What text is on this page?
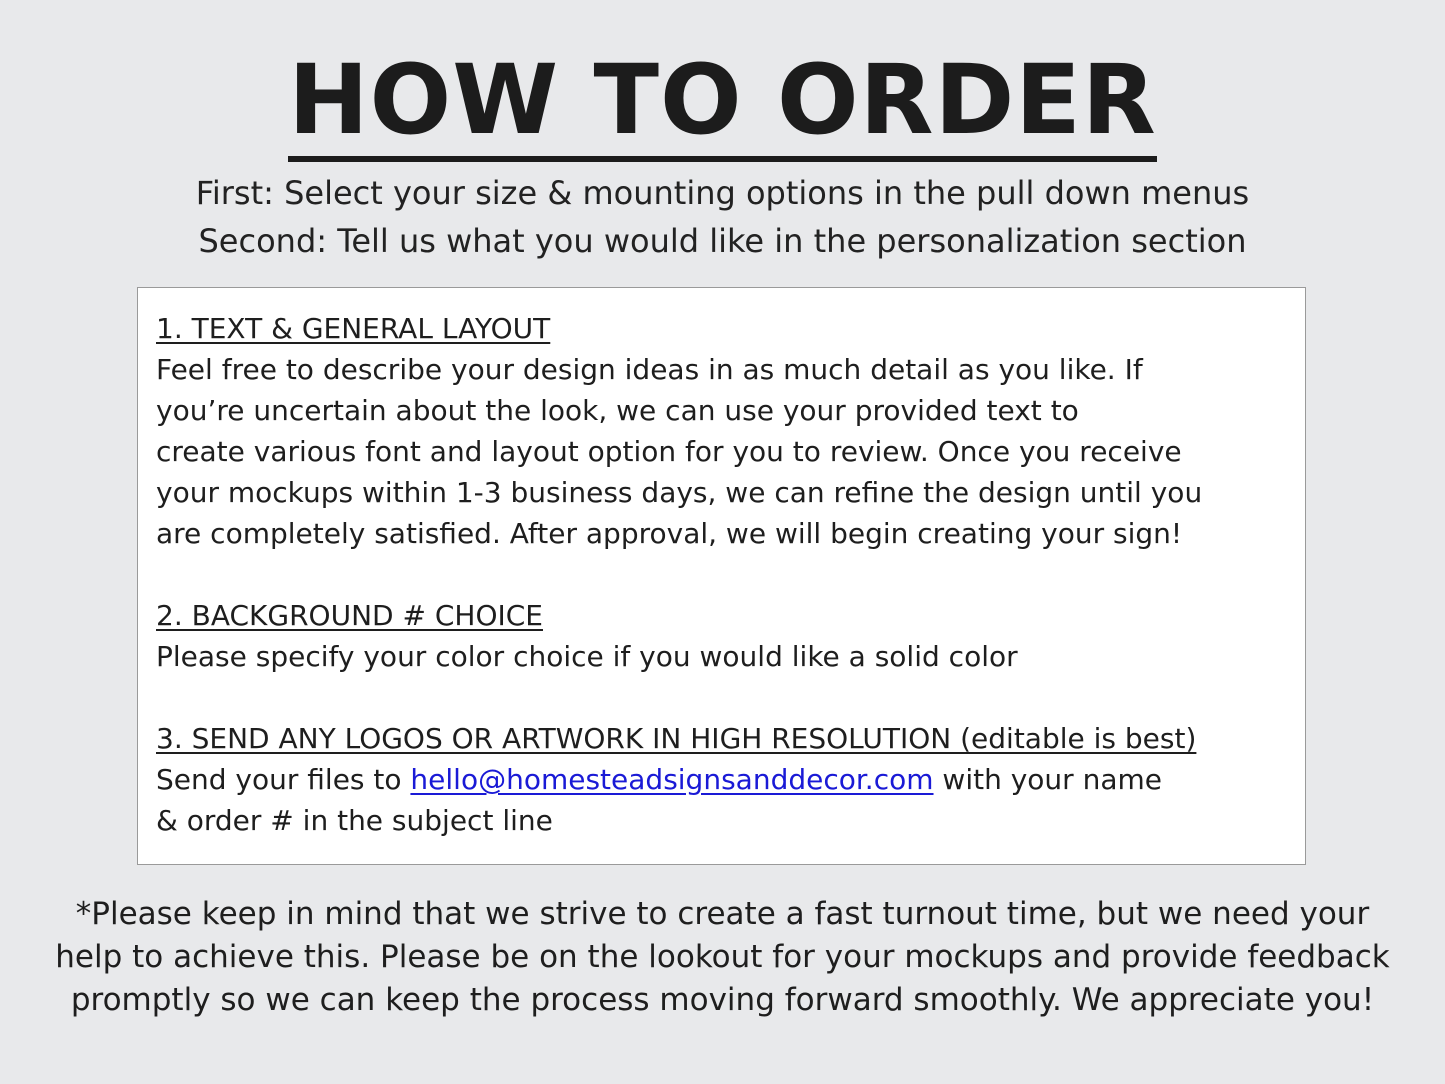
HOW TO ORDER
First: Select your size & mounting options in the pull down menus
Second: Tell us what you would like in the personalization section
1. TEXT & GENERAL LAYOUT
Feel free to describe your design ideas in as much detail as you like. If
you’re uncertain about the look, we can use your provided text to
create various font and layout option for you to review. Once you receive
your mockups within 1-3 business days, we can refine the design until you
are completely satisfied. After approval, we will begin creating your sign!
2. BACKGROUND # CHOICE
Please specify your color choice if you would like a solid color
3. SEND ANY LOGOS OR ARTWORK IN HIGH RESOLUTION (editable is best)
Send your files to hello@homesteadsignsanddecor.com with your name
& order # in the subject line
*Please keep in mind that we strive to create a fast turnout time, but we need your
help to achieve this. Please be on the lookout for your mockups and provide feedback
promptly so we can keep the process moving forward smoothly. We appreciate you!
